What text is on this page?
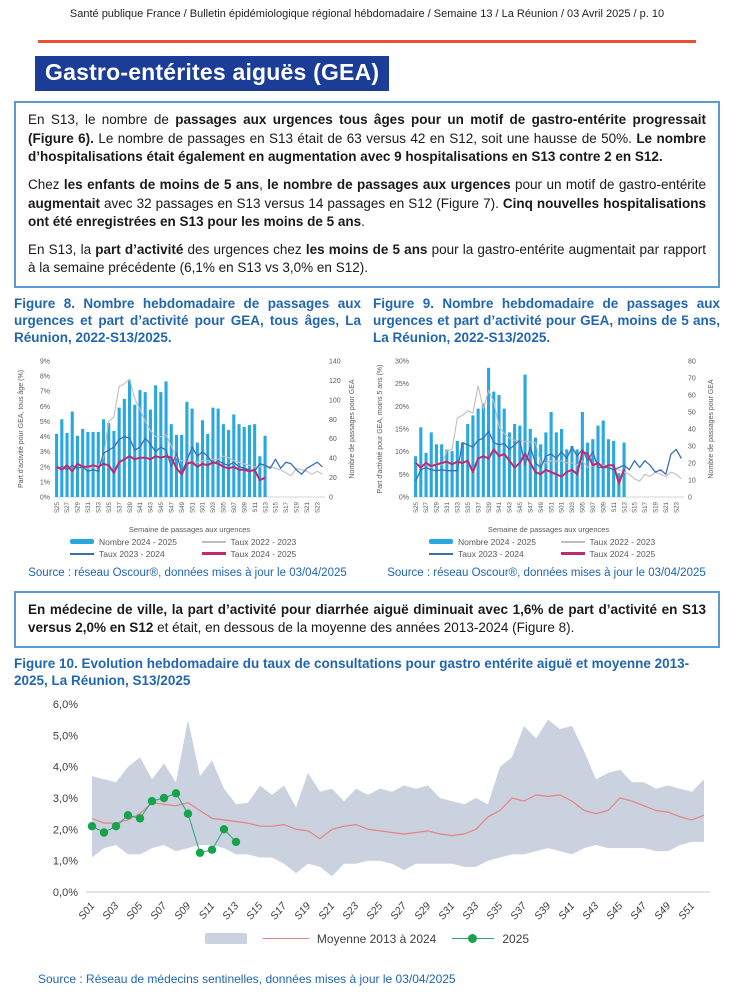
Santé publique France / Bulletin épidémiologique régional hébdomadaire / Semaine 13 / La Réunion / 03 Avril 2025 / p. 10
Gastro-entérites aiguës (GEA)

En S13, le nombre de passages aux urgences tous âges pour un motif de gastro-entérite progressait (Figure 6). Le nombre de passages en S13 était de 63 versus 42 en S12, soit une hausse de 50%. Le nombre d’hospitalisations était également en augmentation avec 9 hospitalisations en S13 contre 2 en S12.

Chez les enfants de moins de 5 ans, le nombre de passages aux urgences pour un motif de gastro-entérite augmentait avec 32 passages en S13 versus 14 passages en S12 (Figure 7). Cinq nouvelles hospitalisations ont été enregistrées en S13 pour les moins de 5 ans.

En S13, la part d’activité des urgences chez les moins de 5 ans pour la gastro-entérite augmentait par rapport à la semaine précédente (6,1% en S13 vs 3,0% en S12).

Figure 8. Nombre hebdomadaire de passages aux urgences et part d’activité pour GEA, tous âges, La Réunion, 2022-S13/2025.
0%
1%
2%
3%
4%
5%
6%
7%
8%
9%
0
20
40
60
80
100
120
140
Part d'activité pour GEA, tous âge (%)	Nombre de passages pour GEA
S25 S27 S29 S31 S33 S35 S37 S39 S41 S43 S45 S47 S49 S51 S01 S03 S05 S07 S09 S11 S13 S15 S17 S19 S21 S23
Semaine de passages aux urgences
Nombre 2024 - 2025	Taux 2022 - 2023
Taux 2023 - 2024	Taux 2024 - 2025
Source : réseau Oscour®, données mises à jour le 03/04/2025
Figure 9. Nombre hebdomadaire de passages aux urgences et part d’activité pour GEA, moins de 5 ans, La Réunion, 2022-S13/2025.
0%
5%
10%
15%
20%
25%
30%
0
10
20
30
40
50
60
70
80
Part d'activité pour GEA, moins 5 ans (%)	Nombre de passages pour GEA
S25 S27 S29 S31 S33 S35 S37 S39 S41 S43 S45 S47 S49 S51 S01 S03 S05 S07 S09 S11 S13 S15 S17 S19 S21 S23
Semaine de passages aux urgences
Nombre 2024 - 2025	Taux 2022 - 2023
Taux 2023 - 2024	Taux 2024 - 2025
Source : réseau Oscour®, données mises à jour le 03/04/2025

En médecine de ville, la part d’activité pour diarrhée aiguë diminuait avec 1,6% de part d’activité en S13 versus 2,0% en S12 et était, en dessous de la moyenne des années 2013-2024 (Figure 8).

Figure 10. Evolution hebdomadaire du taux de consultations pour gastro entérite aiguë et moyenne 2013-2025, La Réunion, S13/2025
0,0%
1,0%
2,0%
3,0%
4,0%
5,0%
6,0%
S01 S03 S05 S07 S09 S11 S13 S15 S17 S19 S21 S23 S25 S27 S29 S31 S33 S35 S37 S39 S41 S43 S45 S47 S49 S51
Moyenne 2013 à 2024	2025
Source : Réseau de médecins sentinelles, données mises à jour le 03/04/2025
